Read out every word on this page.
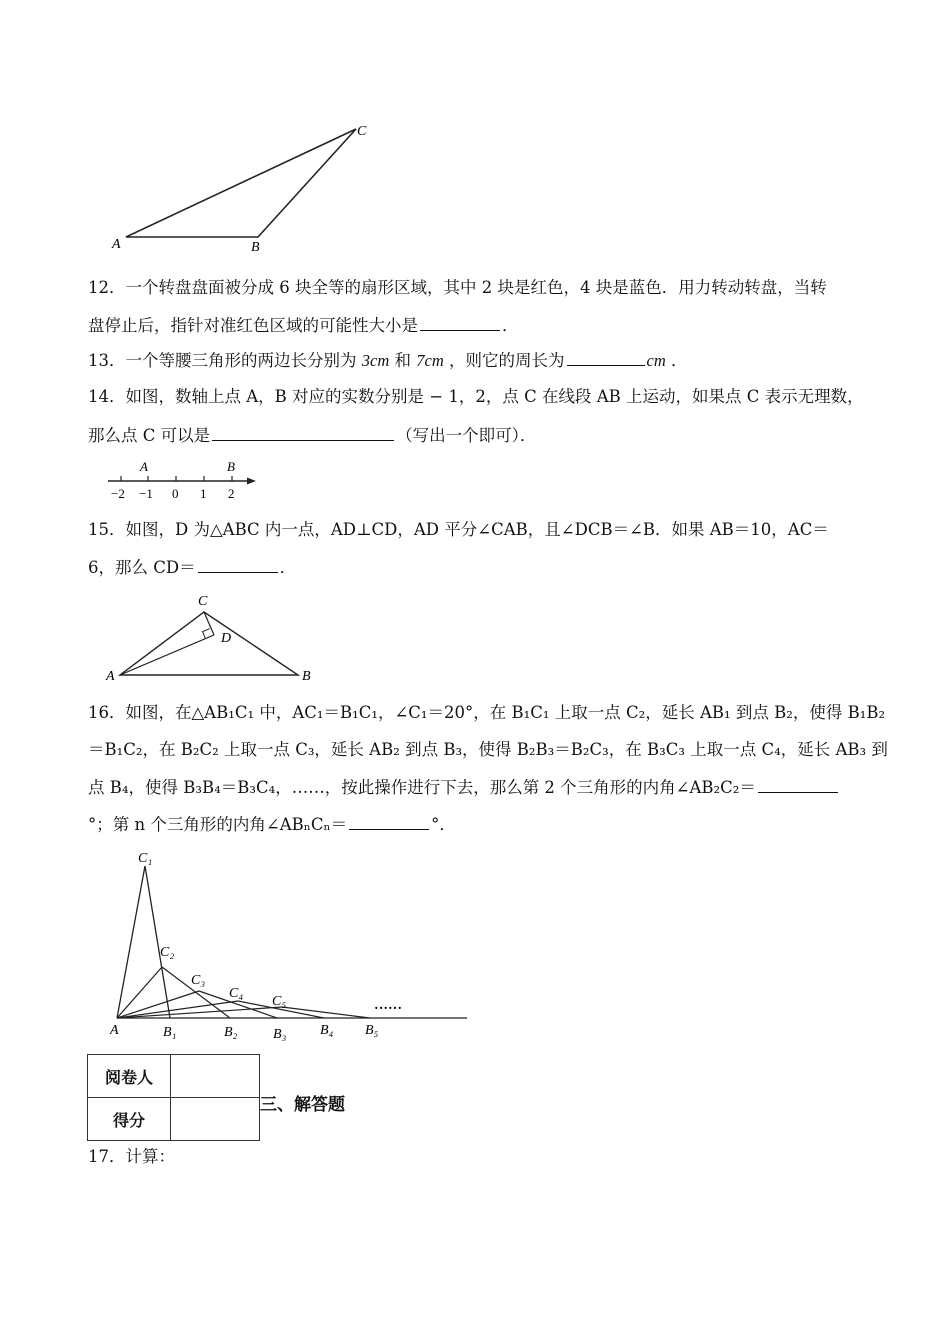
A	B
C
12．一个转盘盘面被分成 6 块全等的扇形区域，其中 2 块是红色，4 块是蓝色．用力转动转盘，当转
盘停止后，指针对准红色区域的可能性大小是	．
13．一个等腰三角形的两边长分别为 3cm 和 7cm ，则它的周长为	cm ．
14．如图，数轴上点 A，B 对应的实数分别是 − 1，2，点 C 在线段 AB 上运动，如果点 C 表示无理数，
那么点 C 可以是	（写出一个即可）．
A	B
−2 −1 0 1 2
15．如图，D 为△ABC 内一点，AD⊥CD，AD 平分∠CAB，且∠DCB＝∠B．如果 AB＝10，AC＝
6，那么 CD＝	．
A	B
C
D
16．如图，在△AB₁C₁ 中，AC₁＝B₁C₁，∠C₁＝20°，在 B₁C₁ 上取一点 C₂，延长 AB₁ 到点 B₂，使得 B₁B₂
＝B₁C₂，在 B₂C₂ 上取一点 C₃，延长 AB₂ 到点 B₃，使得 B₂B₃＝B₂C₃，在 B₃C₃ 上取一点 C₄，延长 AB₃ 到
点 B₄，使得 B₃B₄＝B₃C₄，……，按此操作进行下去，那么第 2 个三角形的内角∠AB₂C₂＝
°；第 n 个三角形的内角∠ABₙCₙ＝	°．
C₁
C₂
C₃
C₄
C₅	……
A	B₁	B₂	B₃ B₄ B₅
阅卷人	
得分	
三、解答题
17．计算：
